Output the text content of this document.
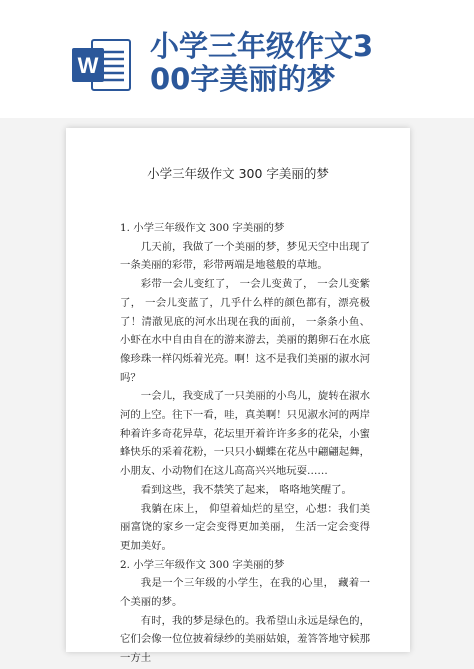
W
小学三年级作文3
00字美丽的梦
小学三年级作文 300 字美丽的梦

1. 小学三年级作文 300 字美丽的梦

几天前，我做了一个美丽的梦，梦见天空中出现了一条美丽的彩带，彩带两端是地毯般的草地。

彩带一会儿变红了， 一会儿变黄了， 一会儿变紫了， 一会儿变蓝了，几乎什么样的颜色都有，漂亮极了！清澈见底的河水出现在我的面前， 一条条小鱼、小虾在水中自由自在的游来游去，美丽的鹅卵石在水底像珍珠一样闪烁着光亮。啊！这不是我们美丽的淑水河吗？

一会儿，我变成了一只美丽的小鸟儿，旋转在淑水河的上空。往下一看，哇，真美啊！只见淑水河的两岸种着许多奇花异草，花坛里开着许许多多的花朵，小蜜蜂快乐的采着花粉，一只只小蝴蝶在花丛中翩翩起舞，小朋友、小动物们在这儿高高兴兴地玩耍……

看到这些，我不禁笑了起来， 咯咯地笑醒了。

我躺在床上， 仰望着灿烂的星空，心想：我们美丽富饶的家乡一定会变得更加美丽， 生活一定会变得更加美好。

2. 小学三年级作文 300 字美丽的梦

我是一个三年级的小学生，在我的心里， 藏着一个美丽的梦。

有时，我的梦是绿色的。我希望山永远是绿色的， 它们会像一位位披着绿纱的美丽姑娘，羞答答地守候那一方土
